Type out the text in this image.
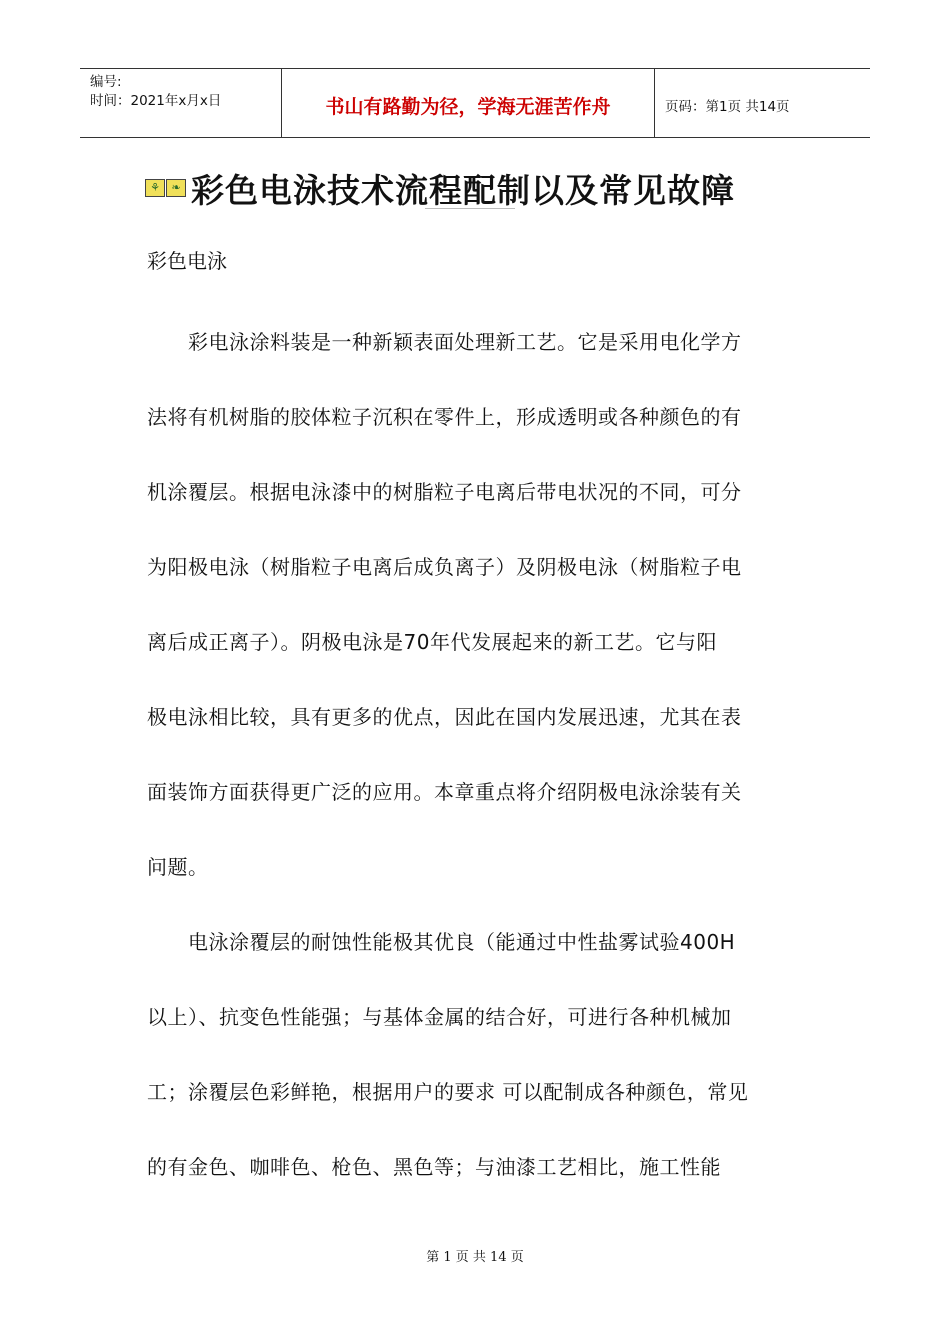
编号:
时间：2021年x月x日	书山有路勤为径，学海无涯苦作舟	页码：第1页 共14页
⚘	❧ 彩色电泳技术流程配制以及常见故障
彩色电泳
　　彩电泳涂料装是一种新颖表面处理新工艺。它是采用电化学方
法将有机树脂的胶体粒子沉积在零件上，形成透明或各种颜色的有
机涂覆层。根据电泳漆中的树脂粒子电离后带电状况的不同，可分
为阳极电泳（树脂粒子电离后成负离子）及阴极电泳（树脂粒子电
离后成正离子）。阴极电泳是70年代发展起来的新工艺。它与阳
极电泳相比较，具有更多的优点，因此在国内发展迅速，尤其在表
面装饰方面获得更广泛的应用。本章重点将介绍阴极电泳涂装有关
问题。
　　电泳涂覆层的耐蚀性能极其优良（能通过中性盐雾试验400H
以上）、抗变色性能强；与基体金属的结合好，可进行各种机械加
工；涂覆层色彩鲜艳，根据用户的要求 可以配制成各种颜色，常见
的有金色、咖啡色、枪色、黑色等；与油漆工艺相比，施工性能
第 1 页 共 14 页
